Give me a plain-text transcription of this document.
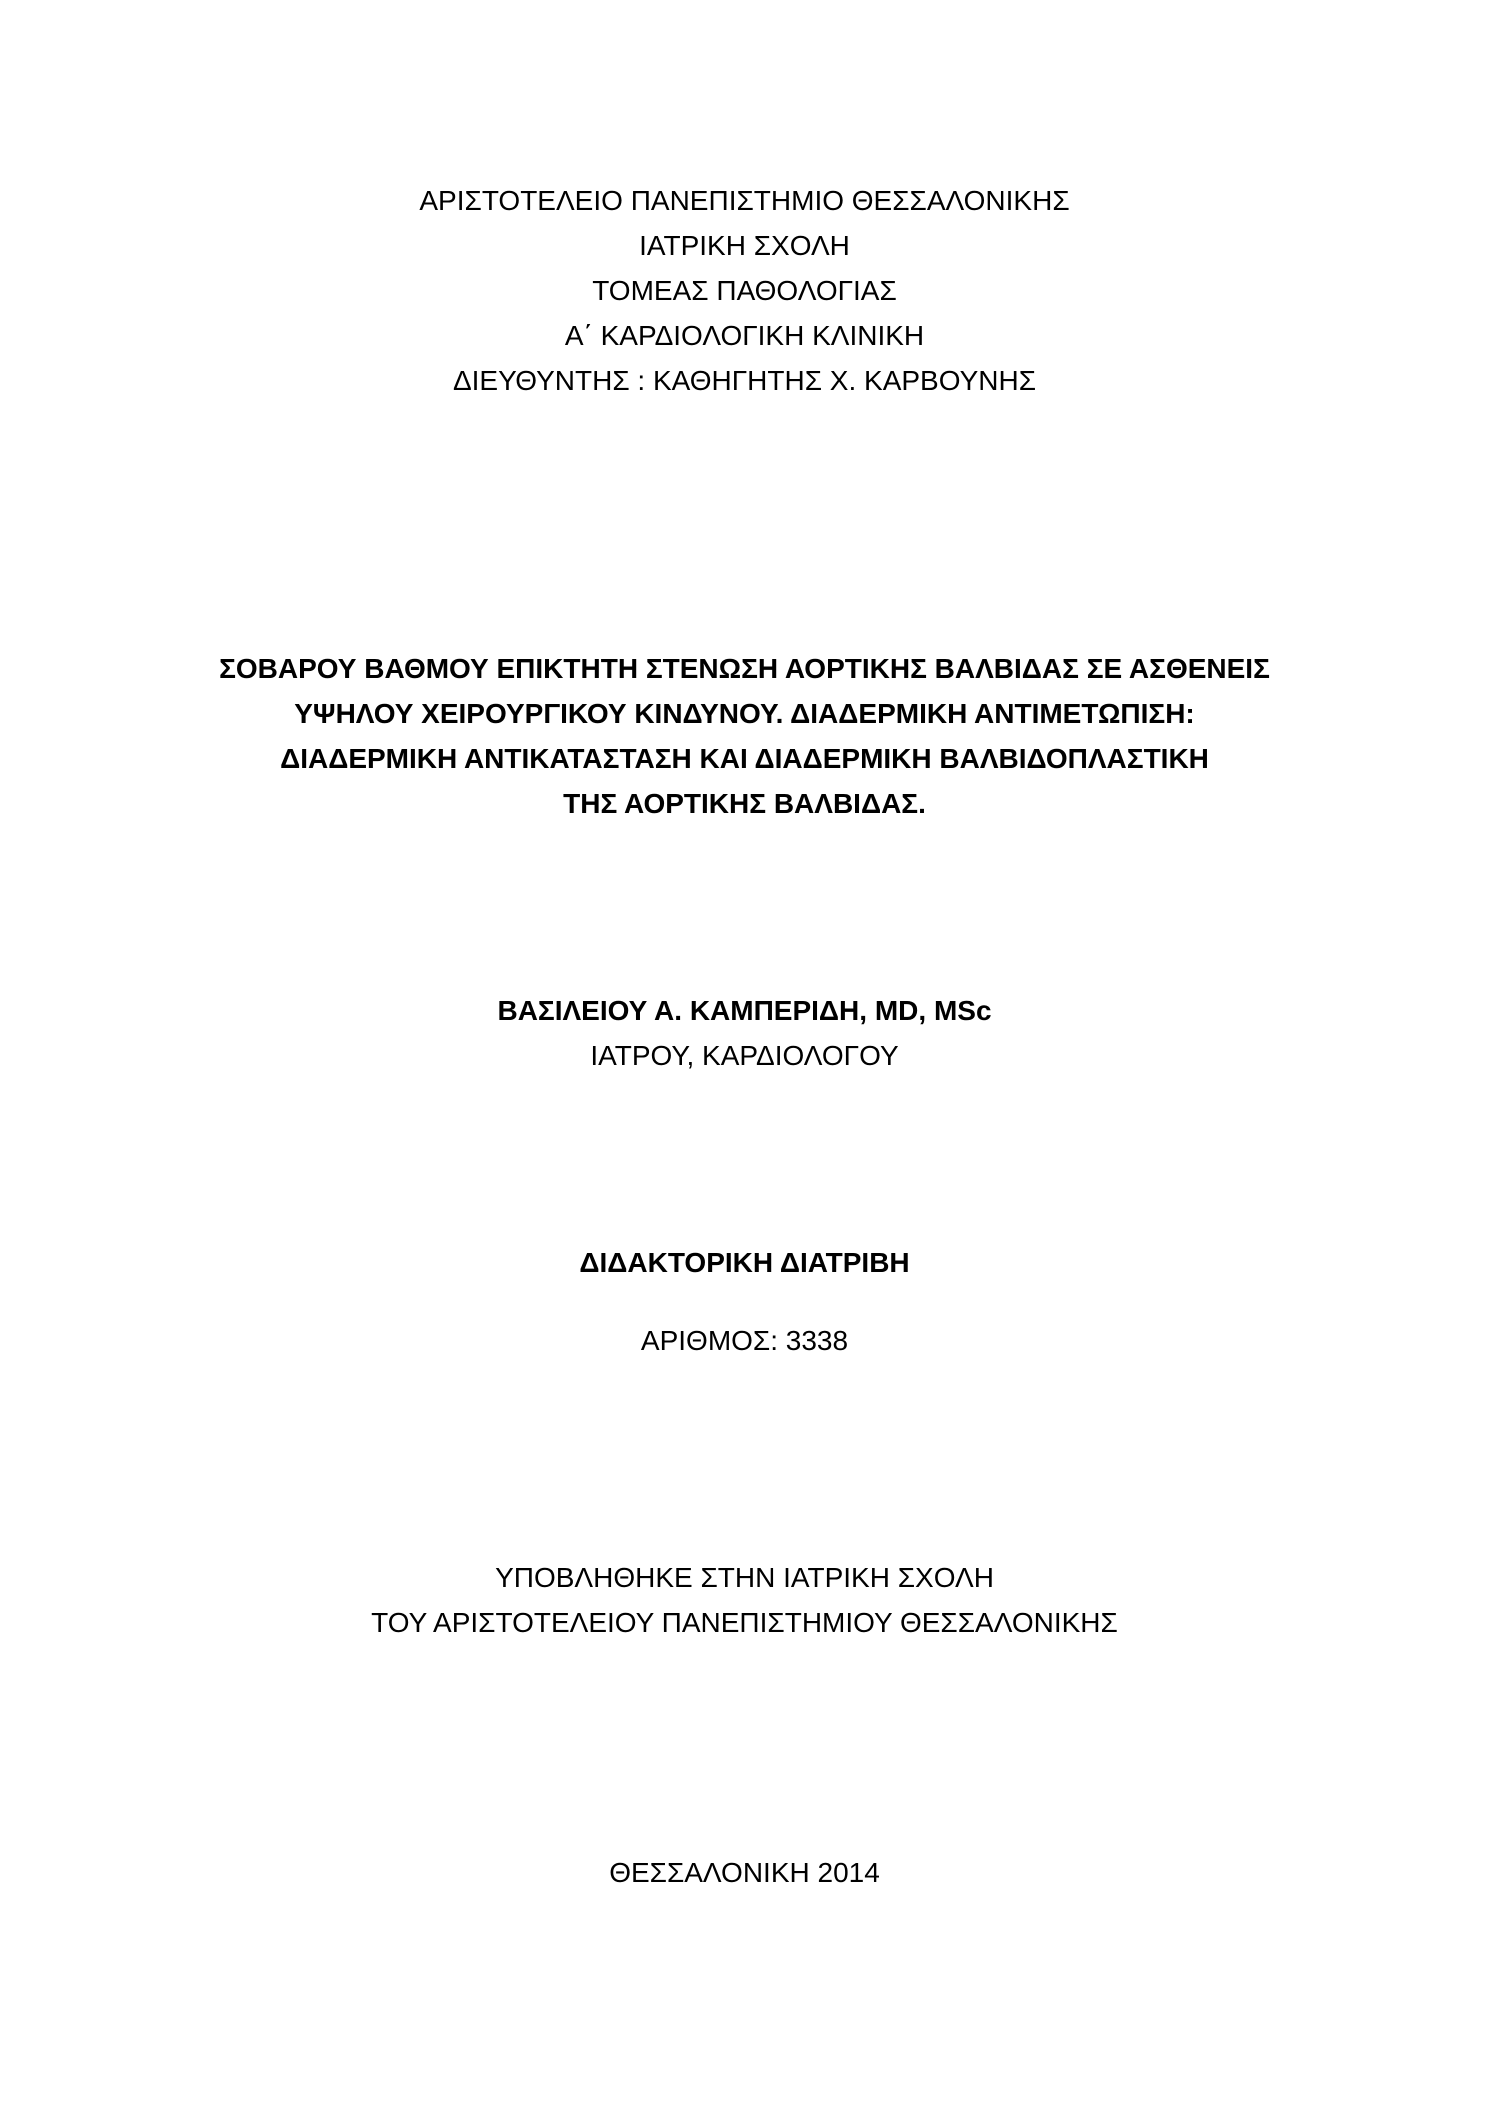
ΑΡΙΣΤΟΤΕΛΕΙΟ ΠΑΝΕΠΙΣΤΗΜΙΟ ΘΕΣΣΑΛΟΝΙΚΗΣ
ΙΑΤΡΙΚΗ ΣΧΟΛΗ
ΤΟΜΕΑΣ ΠΑΘΟΛΟΓΙΑΣ
Α΄ ΚΑΡΔΙΟΛΟΓΙΚΗ ΚΛΙΝΙΚΗ
ΔΙΕΥΘΥΝΤΗΣ : ΚΑΘΗΓΗΤΗΣ Χ. ΚΑΡΒΟΥΝΗΣ
ΣΟΒΑΡΟΥ ΒΑΘΜΟΥ ΕΠΙΚΤΗΤΗ ΣΤΕΝΩΣΗ ΑΟΡΤΙΚΗΣ ΒΑΛΒΙΔΑΣ ΣΕ ΑΣΘΕΝΕΙΣ
ΥΨΗΛΟΥ ΧΕΙΡΟΥΡΓΙΚΟΥ ΚΙΝΔΥΝΟΥ. ΔΙΑΔΕΡΜΙΚΗ ΑΝΤΙΜΕΤΩΠΙΣΗ:
ΔΙΑΔΕΡΜΙΚΗ ΑΝΤΙΚΑΤΑΣΤΑΣΗ ΚΑΙ ΔΙΑΔΕΡΜΙΚΗ ΒΑΛΒΙΔΟΠΛΑΣΤΙΚΗ
ΤΗΣ ΑΟΡΤΙΚΗΣ ΒΑΛΒΙΔΑΣ.
ΒΑΣΙΛΕΙΟΥ Α. ΚΑΜΠΕΡΙΔΗ, MD, MSc
ΙΑΤΡΟΥ, ΚΑΡΔΙΟΛΟΓΟΥ
ΔΙΔΑΚΤΟΡΙΚΗ ΔΙΑΤΡΙΒΗ
ΑΡΙΘΜΟΣ: 3338
ΥΠΟΒΛΗΘΗΚΕ ΣΤΗΝ ΙΑΤΡΙΚΗ ΣΧΟΛΗ
ΤΟΥ ΑΡΙΣΤΟΤΕΛΕΙΟΥ ΠΑΝΕΠΙΣΤΗΜΙΟΥ ΘΕΣΣΑΛΟΝΙΚΗΣ
ΘΕΣΣΑΛΟΝΙΚΗ 2014
